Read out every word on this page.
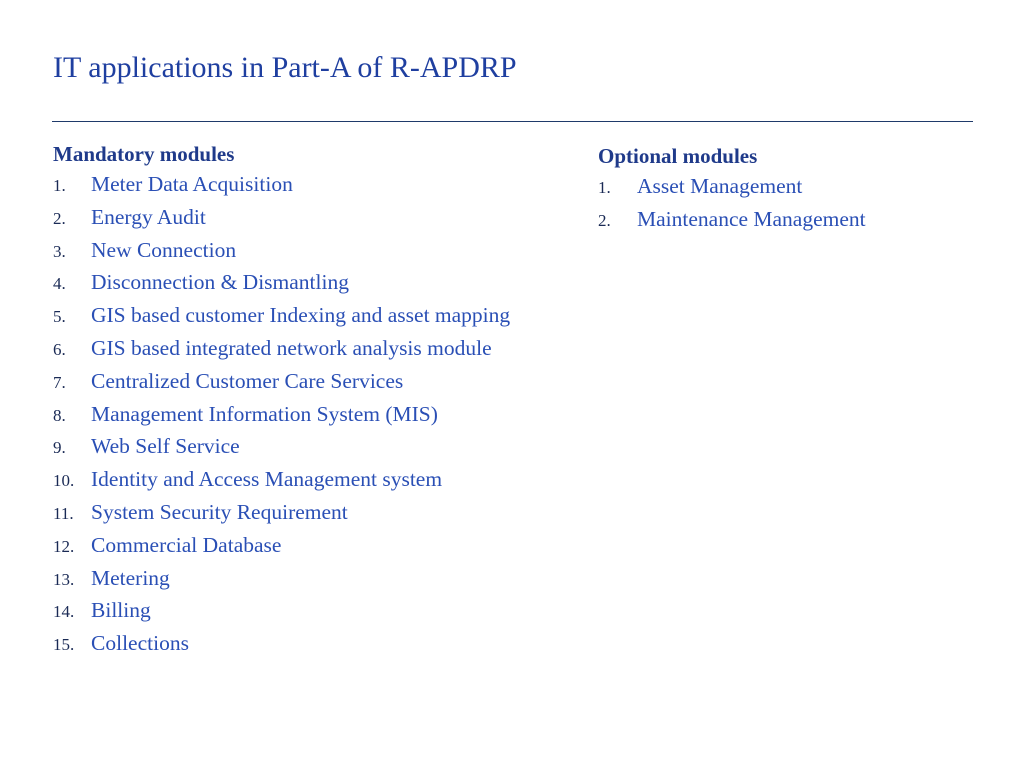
IT applications in Part-A of R-APDRP
Mandatory modules
1.	Meter Data Acquisition
2.	Energy Audit
3.	New Connection
4.	Disconnection & Dismantling
5.	GIS based customer Indexing and asset mapping
6.	GIS based integrated network analysis module
7.	Centralized Customer Care Services
8.	Management Information System (MIS)
9.	Web Self Service
10. Identity and Access Management system
11. System Security Requirement
12. Commercial Database
13. Metering
14. Billing
15. Collections
Optional modules
1.	Asset Management
2.	Maintenance Management
